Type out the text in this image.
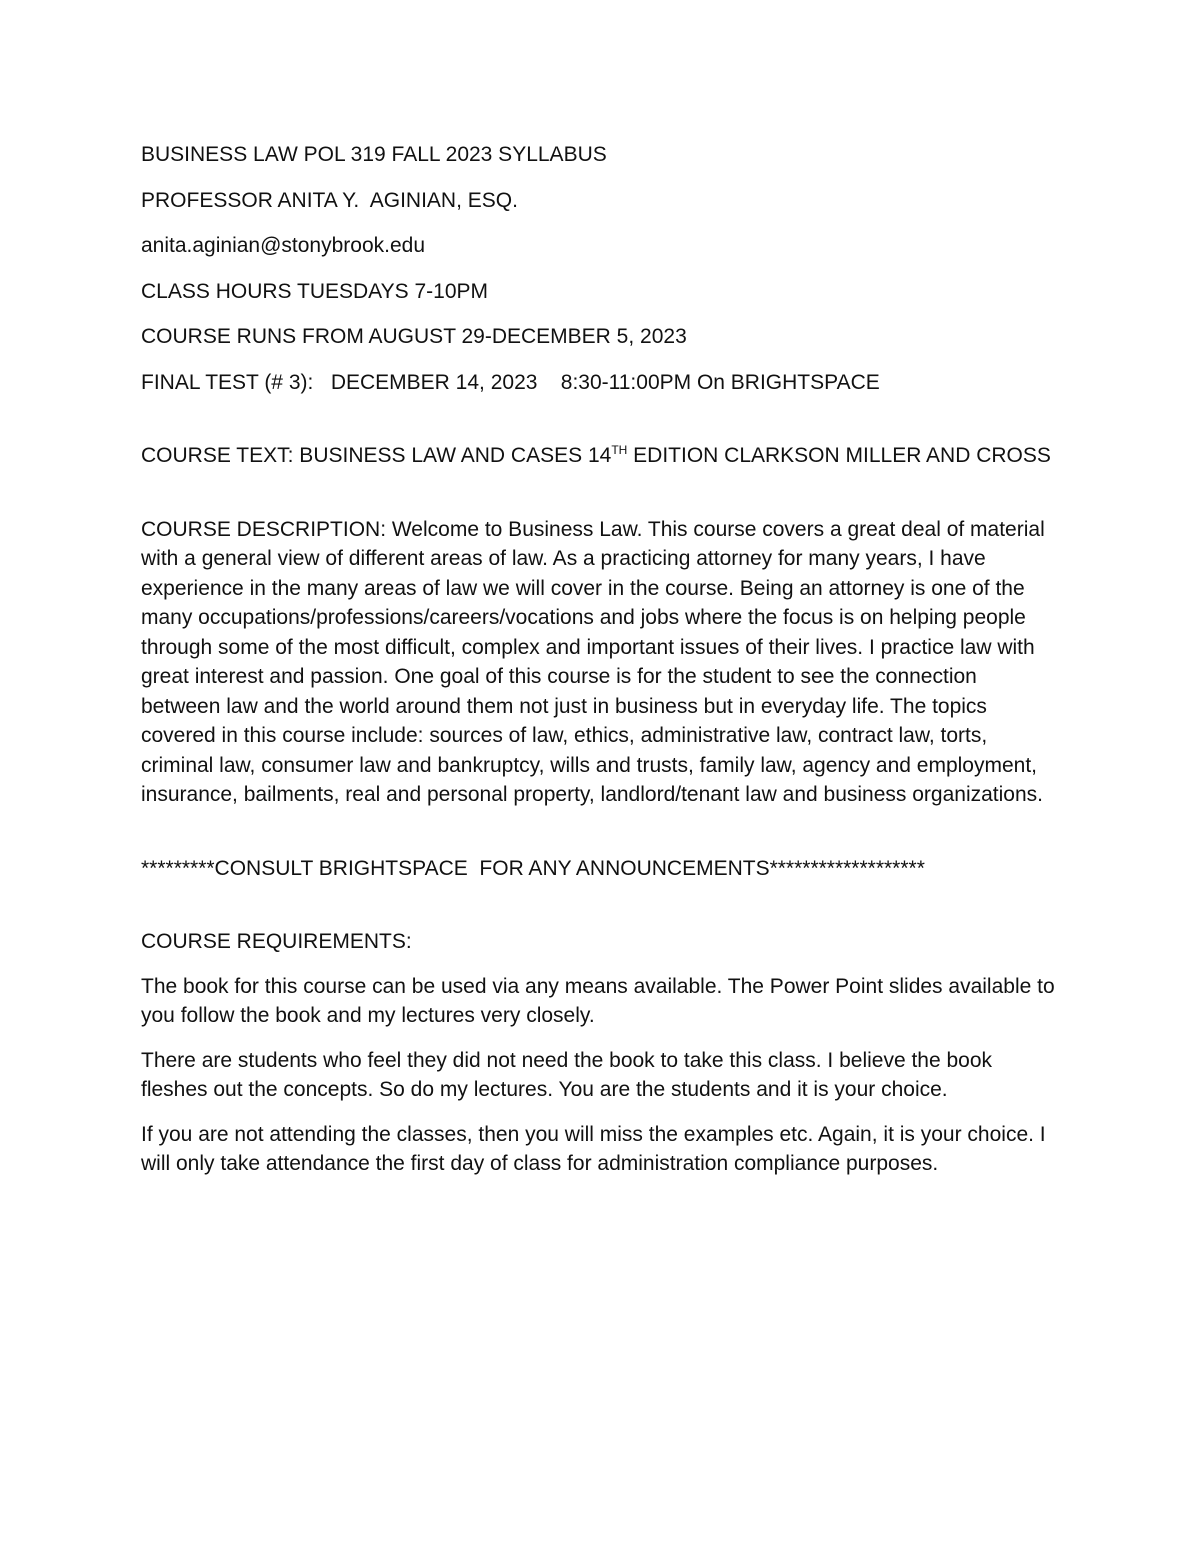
BUSINESS LAW POL 319 FALL 2023 SYLLABUS

PROFESSOR ANITA Y.  AGINIAN, ESQ.

anita.aginian@stonybrook.edu

CLASS HOURS TUESDAYS 7-10PM

COURSE RUNS FROM AUGUST 29-DECEMBER 5, 2023

FINAL TEST (# 3):   DECEMBER 14, 2023    8:30-11:00PM On BRIGHTSPACE

COURSE TEXT: BUSINESS LAW AND CASES 14TH EDITION CLARKSON MILLER AND CROSS

COURSE DESCRIPTION: Welcome to Business Law. This course covers a great deal of material with a general view of different areas of law. As a practicing attorney for many years, I have experience in the many areas of law we will cover in the course. Being an attorney is one of the many occupations/professions/careers/vocations and jobs where the focus is on helping people through some of the most difficult, complex and important issues of their lives. I practice law with great interest and passion. One goal of this course is for the student to see the connection between law and the world around them not just in business but in everyday life. The topics covered in this course include: sources of law, ethics, administrative law, contract law, torts, criminal law, consumer law and bankruptcy, wills and trusts, family law, agency and employment, insurance, bailments, real and personal property, landlord/tenant law and business organizations.

*********CONSULT BRIGHTSPACE  FOR ANY ANNOUNCEMENTS*******************

COURSE REQUIREMENTS:

The book for this course can be used via any means available. The Power Point slides available to you follow the book and my lectures very closely.

There are students who feel they did not need the book to take this class. I believe the book fleshes out the concepts. So do my lectures. You are the students and it is your choice.

If you are not attending the classes, then you will miss the examples etc. Again, it is your choice. I will only take attendance the first day of class for administration compliance purposes.
